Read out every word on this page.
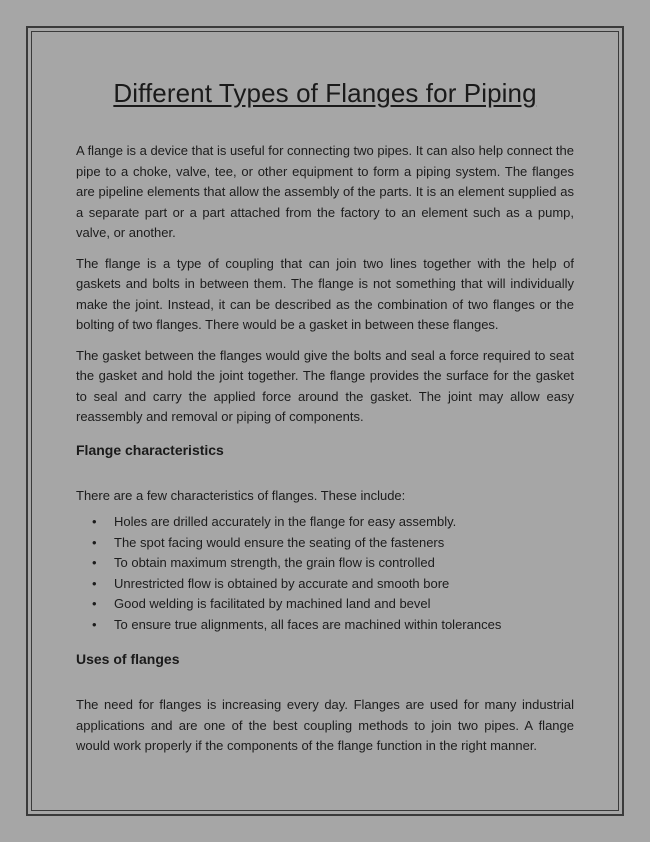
Different Types of Flanges for Piping

A flange is a device that is useful for connecting two pipes. It can also help connect the pipe to a choke, valve, tee, or other equipment to form a piping system. The flanges are pipeline elements that allow the assembly of the parts. It is an element supplied as a separate part or a part attached from the factory to an element such as a pump, valve, or another.

The flange is a type of coupling that can join two lines together with the help of gaskets and bolts in between them. The flange is not something that will individually make the joint. Instead, it can be described as the combination of two flanges or the bolting of two flanges. There would be a gasket in between these flanges.

The gasket between the flanges would give the bolts and seal a force required to seat the gasket and hold the joint together. The flange provides the surface for the gasket to seal and carry the applied force around the gasket. The joint may allow easy reassembly and removal or piping of components.

Flange characteristics

There are a few characteristics of flanges. These include:

• Holes are drilled accurately in the flange for easy assembly.
• The spot facing would ensure the seating of the fasteners
• To obtain maximum strength, the grain flow is controlled
• Unrestricted flow is obtained by accurate and smooth bore
• Good welding is facilitated by machined land and bevel
• To ensure true alignments, all faces are machined within tolerances
Uses of flanges

The need for flanges is increasing every day. Flanges are used for many industrial applications and are one of the best coupling methods to join two pipes. A flange would work properly if the components of the flange function in the right manner.
